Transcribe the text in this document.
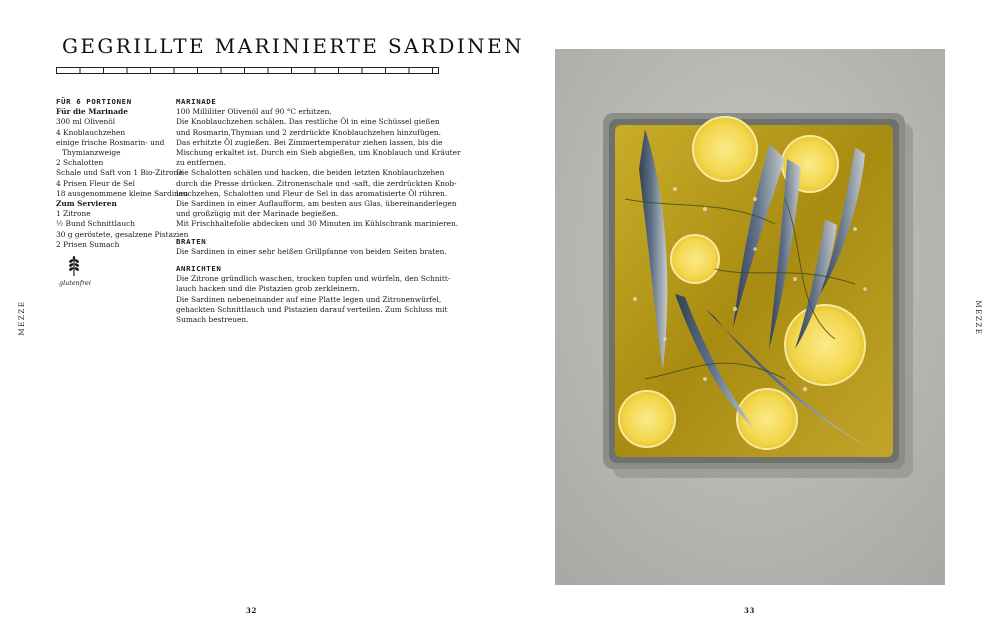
GEGRILLTE MARINIERTE SARDINEN
FÜR 6 PORTIONEN
Für die Marinade
300 ml Olivenöl
4 Knoblauchzehen
einige frische Rosmarin- und
Thymianzweige
2 Schalotten
Schale und Saft von 1 Bio-Zitrone
4 Prisen Fleur de Sel
18 ausgenommene kleine Sardinen
Zum Servieren
1 Zitrone
½ Bund Schnittlauch
30 g geröstete, gesalzene Pistazien
2 Prisen Sumach
glutenfrei
MARINADE
100 Milliliter Olivenöl auf 90 °C erhitzen.
Die Knoblauchzehen schälen. Das restliche Öl in eine Schüssel gießen
und Rosmarin,Thymian und 2 zerdrückte Knoblauchzehen hinzufügen.
Das erhitzte Öl zugießen. Bei Zimmertemperatur ziehen lassen, bis die
Mischung erkaltet ist. Durch ein Sieb abgießen, um Knoblauch und Kräuter
zu entfernen.
Die Schalotten schälen und hacken, die beiden letzten Knoblauchzehen
durch die Presse drücken. Zitronenschale und -saft, die zerdrückten Knob-
lauchzehen, Schalotten und Fleur de Sel in das aromatisierte Öl rühren.
Die Sardinen in einer Auflaufform, am besten aus Glas, übereinanderlegen
und großzügig mit der Marinade begießen.
Mit Frischhaltefolie abdecken und 30 Minuten im Kühlschrank marinieren.
BRATEN
Die Sardinen in einer sehr heißen Grillpfanne von beiden Seiten braten.
ANRICHTEN
Die Zitrone gründlich waschen, trocken tupfen und würfeln, den Schnitt-
lauch hacken und die Pistazien grob zerkleinern.
Die Sardinen nebeneinander auf eine Platte legen und Zitronenwürfel,
gehackten Schnittlauch und Pistazien darauf verteilen. Zum Schluss mit
Sumach bestreuen.
MEZZE
32
MEZZE
33
